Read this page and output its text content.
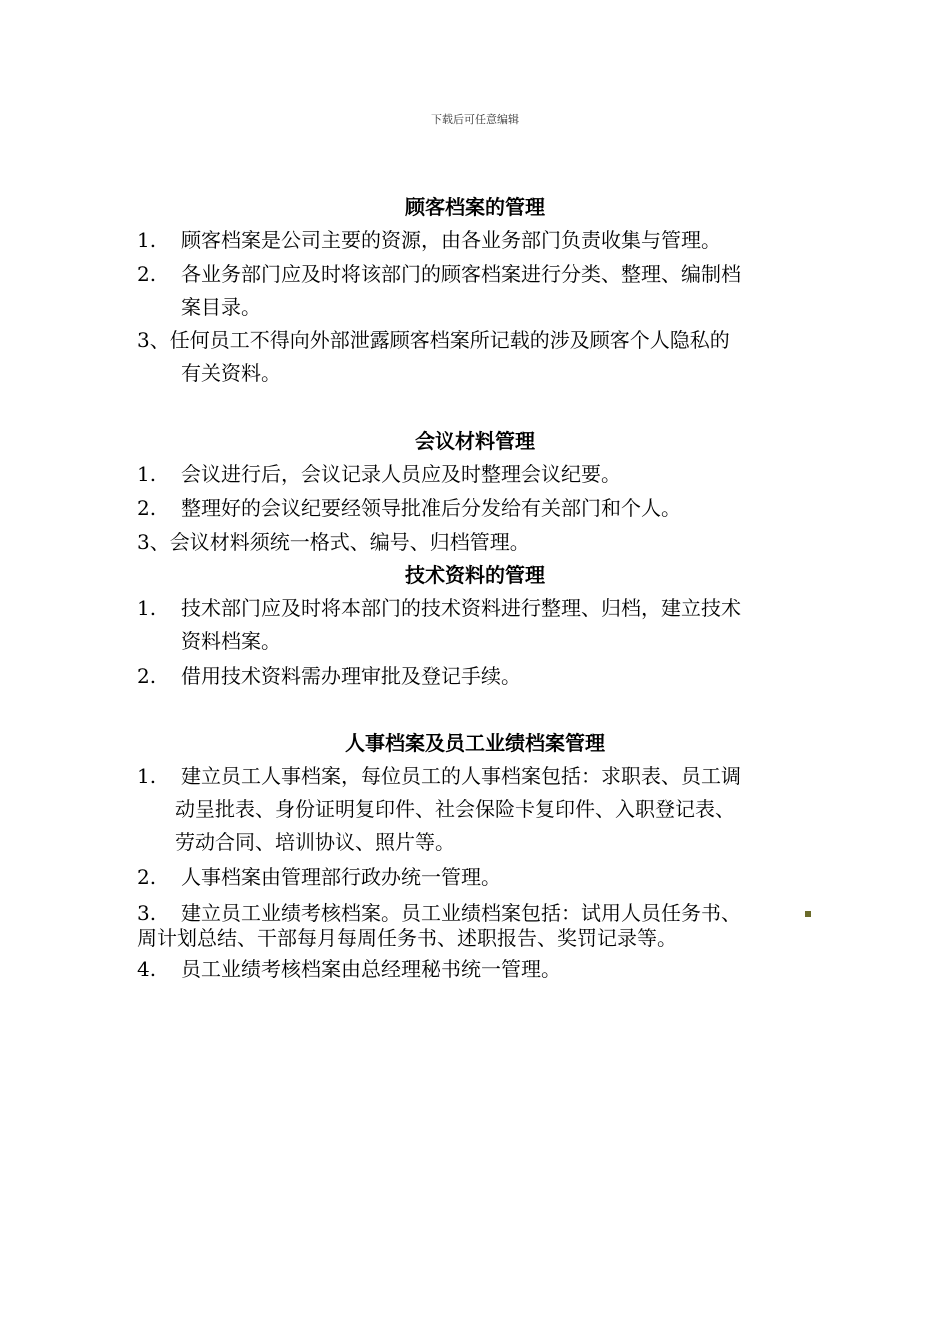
下载后可任意编辑
顾客档案的管理
1. 顾客档案是公司主要的资源，由各业务部门负责收集与管理。
2. 各业务部门应及时将该部门的顾客档案进行分类、整理、编制档
案目录。
3、任何员工不得向外部泄露顾客档案所记载的涉及顾客个人隐私的
有关资料。
会议材料管理
1. 会议进行后，会议记录人员应及时整理会议纪要。
2. 整理好的会议纪要经领导批准后分发给有关部门和个人。
3、会议材料须统一格式、编号、归档管理。
技术资料的管理
1. 技术部门应及时将本部门的技术资料进行整理、归档，建立技术
资料档案。
2. 借用技术资料需办理审批及登记手续。
人事档案及员工业绩档案管理
1. 建立员工人事档案，每位员工的人事档案包括：求职表、员工调
动呈批表、身份证明复印件、社会保险卡复印件、入职登记表、
劳动合同、培训协议、照片等。
2. 人事档案由管理部行政办统一管理。
3. 建立员工业绩考核档案。员工业绩档案包括：试用人员任务书、
周计划总结、干部每月每周任务书、述职报告、奖罚记录等。
4. 员工业绩考核档案由总经理秘书统一管理。
